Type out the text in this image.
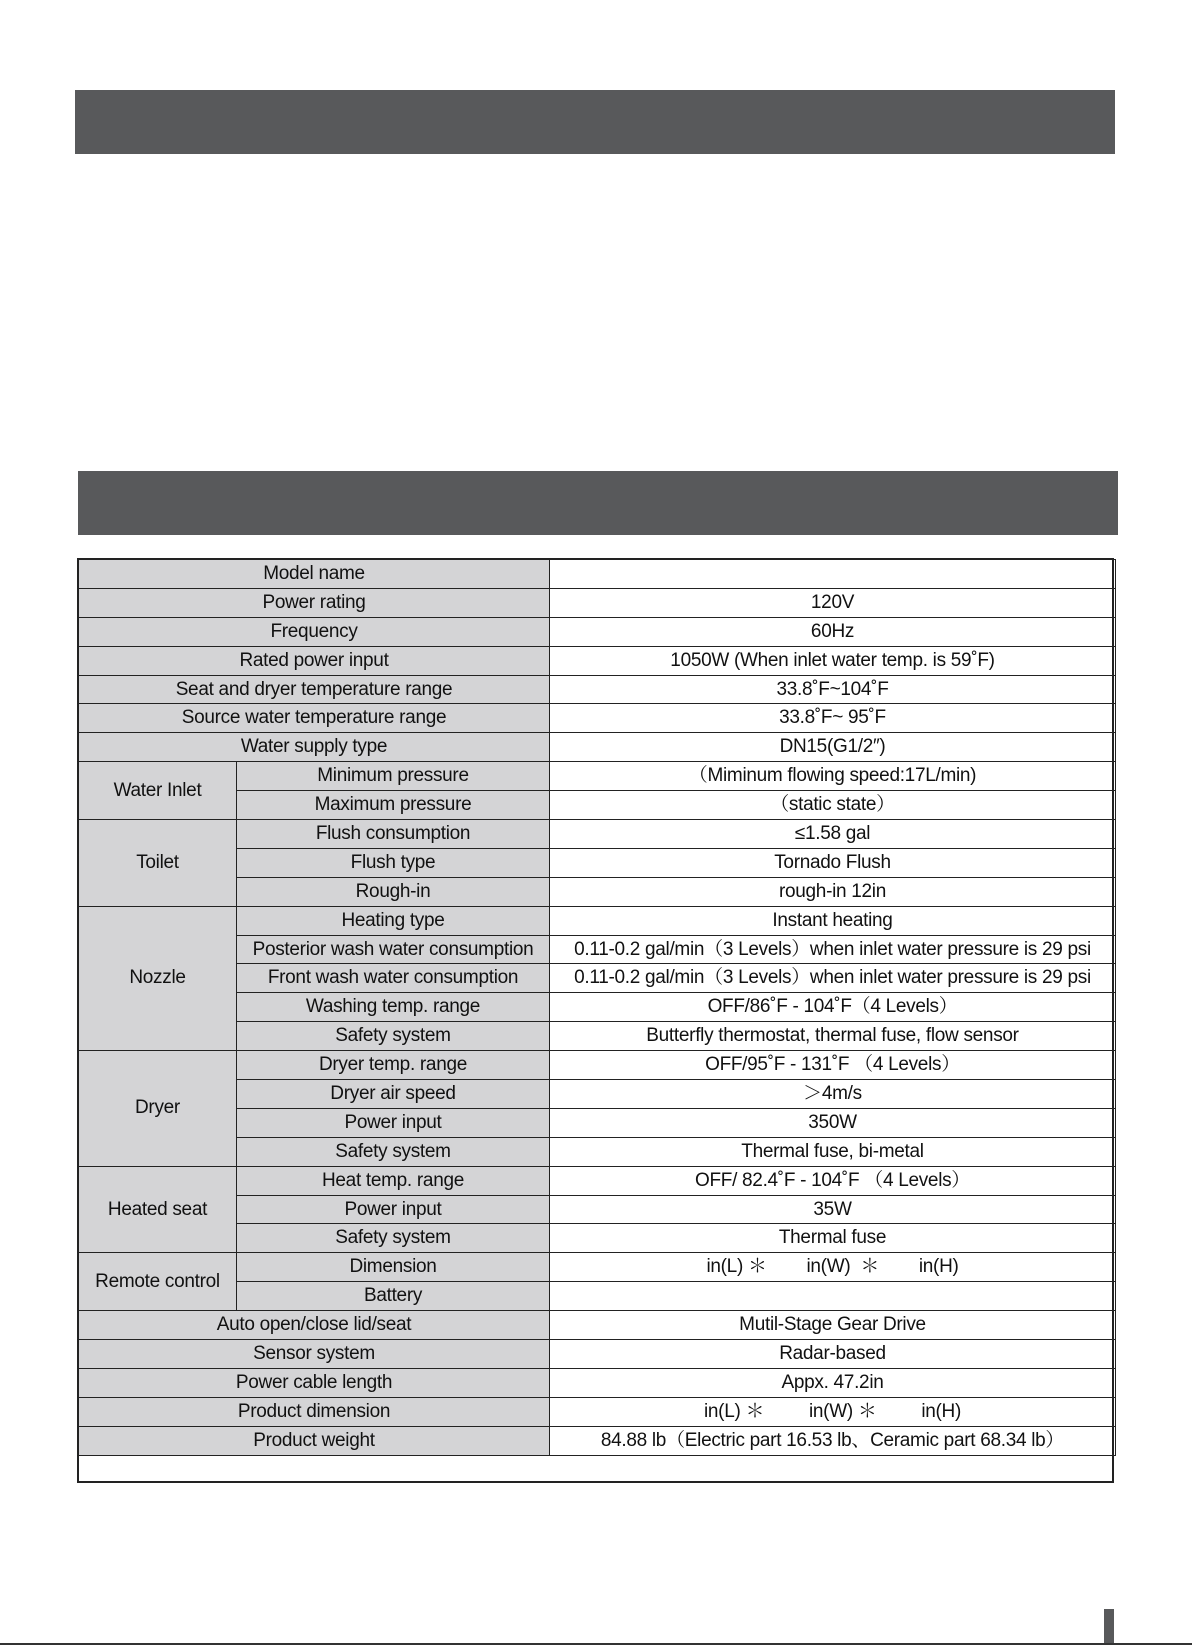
Model name		
Power rating		120V
Frequency		60Hz
Rated power input		1050W (When inlet water temp. is 59˚F)
Seat and dryer temperature range		33.8˚F~104˚F
Source water temperature range		33.8˚F~ 95˚F
Water supply type		DN15(G1/2″)
Water Inlet	Minimum pressure	（Miminum flowing speed:17L/min)
	Maximum pressure	（static state）
Toilet	Flush consumption	≤1.58 gal
	Flush type	Tornado Flush
	Rough-in	rough-in 12in
Nozzle	Heating type	Instant heating
	Posterior wash water consumption	0.11-0.2 gal/min（3 Levels）when inlet water pressure is 29 psi
	Front wash water consumption	0.11-0.2 gal/min（3 Levels）when inlet water pressure is 29 psi
	Washing temp. range	OFF/86˚F - 104˚F（4 Levels）
	Safety system	Butterfly thermostat, thermal fuse, flow sensor
Dryer	Dryer temp. range	OFF/95˚F - 131˚F （4 Levels）
	Dryer air speed	＞4m/s
	Power input	350W
	Safety system	Thermal fuse, bi-metal
Heated seat	Heat temp. range	OFF/ 82.4˚F - 104˚F （4 Levels）
	Power input	35W
	Safety system	Thermal fuse
Remote control	Dimension	in(L) ＊        in(W)  ＊        in(H)
	Battery	
Auto open/close lid/seat		Mutil-Stage Gear Drive
Sensor system		Radar-based
Power cable length		Appx. 47.2in
Product dimension		in(L) ＊         in(W) ＊         in(H)
Product weight		84.88 lb（Electric part 16.53 lb、Ceramic part 68.34 lb）
